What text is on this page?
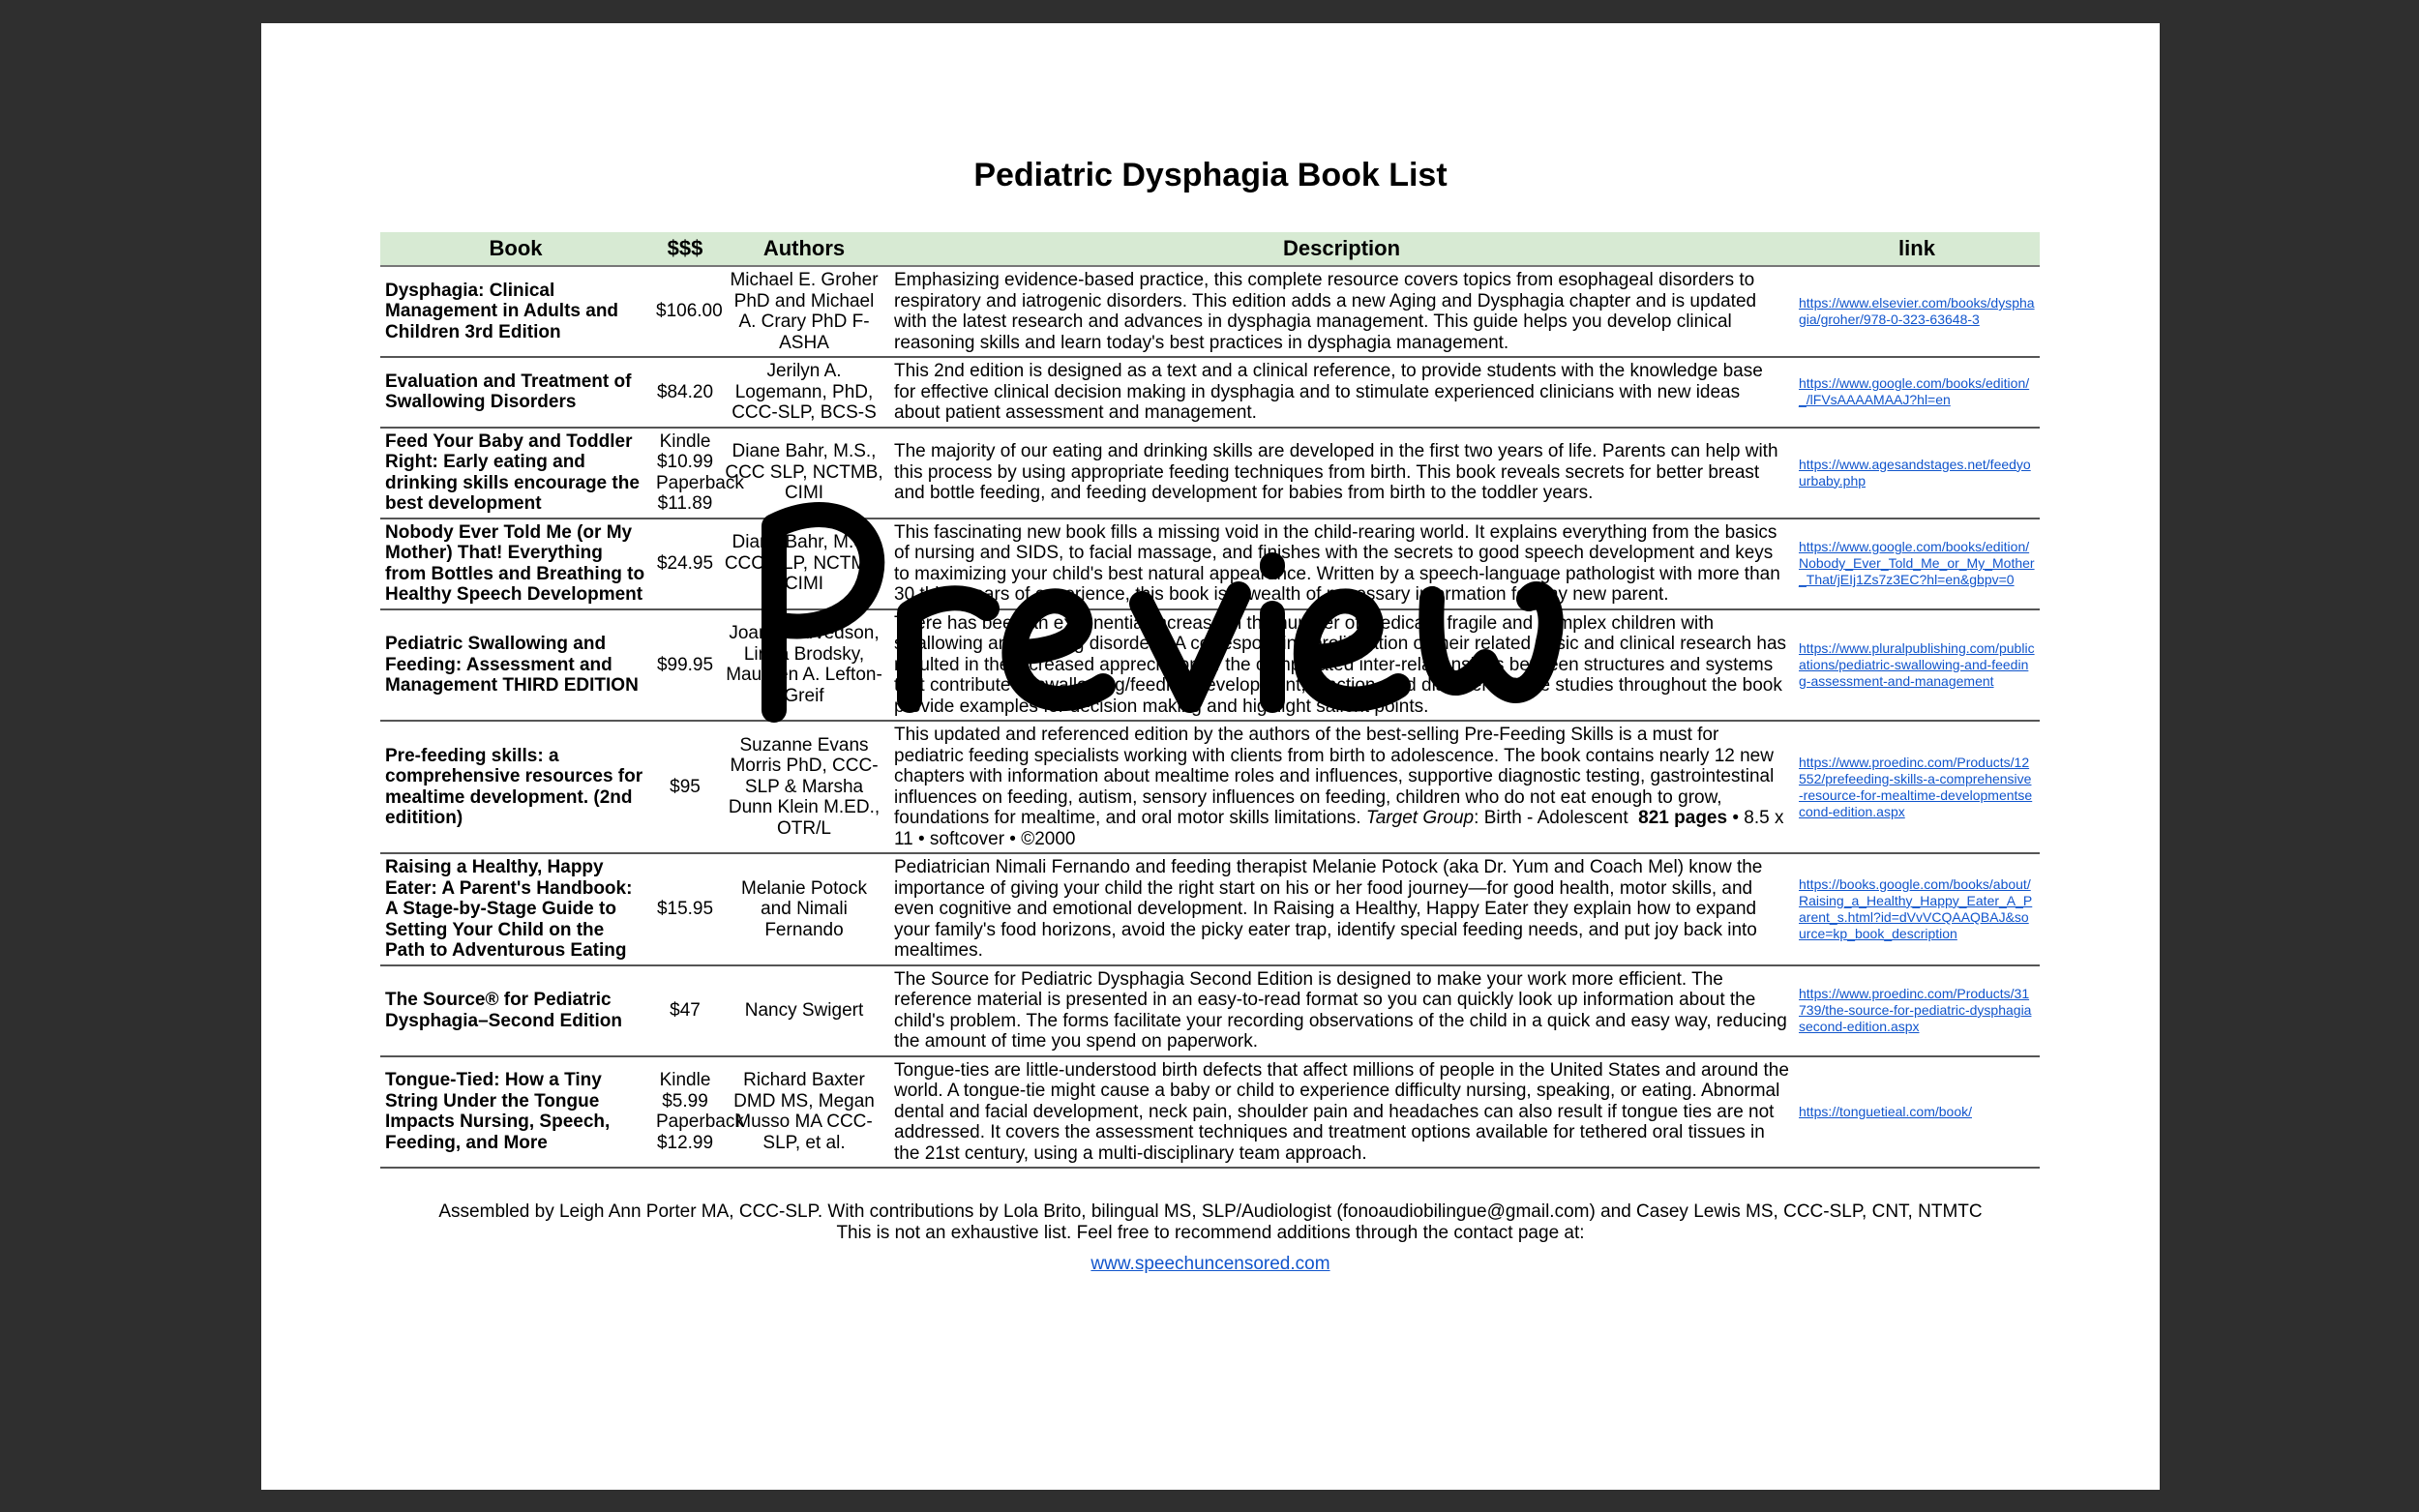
Pediatric Dysphagia Book List
Book	$$$	Authors	Description	link
Dysphagia: Clinical Management in Adults and Children 3rd Edition	$106.00	Michael E. Groher PhD and Michael A. Crary PhD F-ASHA	Emphasizing evidence-based practice, this complete resource covers topics from esophageal disorders to respiratory and iatrogenic disorders. This edition adds a new Aging and Dysphagia chapter and is updated with the latest research and advances in dysphagia management. This guide helps you develop clinical reasoning skills and learn today's best practices in dysphagia management.	https://www.elsevier.com/books/dysphagia/groher/978-0-323-63648-3
Evaluation and Treatment of Swallowing Disorders	$84.20	Jerilyn A. Logemann, PhD, CCC-SLP, BCS-S	This 2nd edition is designed as a text and a clinical reference, to provide students with the knowledge base for effective clinical decision making in dysphagia and to stimulate experienced clinicians with new ideas about patient assessment and management.	https://www.google.com/books/edition/_/lFVsAAAAMAAJ?hl=en
Feed Your Baby and Toddler Right: Early eating and drinking skills encourage the best development	Kindle $10.99 Paperback $11.89	Diane Bahr, M.S., CCC SLP, NCTMB, CIMI	The majority of our eating and drinking skills are developed in the first two years of life. Parents can help with this process by using appropriate feeding techniques from birth. This book reveals secrets for better breast and bottle feeding, and feeding development for babies from birth to the toddler years.	https://www.agesandstages.net/feedyourbaby.php
Nobody Ever Told Me (or My Mother) That! Everything from Bottles and Breathing to Healthy Speech Development	$24.95	Diane Bahr, M.S., CCC-SLP, NCTMB, CIMI	This fascinating new book fills a missing void in the child-rearing world. It explains everything from the basics of nursing and SIDS, to facial massage, and finishes with the secrets to good speech development and keys to maximizing your child's best natural appearance. Written by a speech-language pathologist with more than 30 thirty years of experience, this book is a wealth of necessary information for any new parent.	https://www.google.com/books/edition/Nobody_Ever_Told_Me_or_My_Mother_That/jEIj1Zs7z3EC?hl=en&gbpv=0
Pediatric Swallowing and Feeding: Assessment and Management THIRD EDITION	$99.95	Joan C. Arvedson, Linda Brodsky, Maureen A. Lefton-Greif	There has been an exponential increase in the number of medically fragile and complex children with swallowing and feeding disorders. A corresponding proliferation of their related basic and clinical research has resulted in the increased appreciation of the complicated inter-relationships between structures and systems that contribute to swallowing/feeding development, function, and disorders. Case studies throughout the book provide examples for decision making and highlight salient points.	https://www.pluralpublishing.com/publications/pediatric-swallowing-and-feeding-assessment-and-management
Pre-feeding skills: a comprehensive resources for mealtime development. (2nd editition)	$95	Suzanne Evans Morris PhD, CCC-SLP & Marsha Dunn Klein M.ED., OTR/L	This updated and referenced edition by the authors of the best-selling Pre-Feeding Skills is a must for pediatric feeding specialists working with clients from birth to adolescence. The book contains nearly 12 new chapters with information about mealtime roles and influences, supportive diagnostic testing, gastrointestinal influences on feeding, autism, sensory influences on feeding, children who do not eat enough to grow, foundations for mealtime, and oral motor skills limitations. Target Group: Birth - Adolescent  821 pages • 8.5 x 11 • softcover • ©2000	https://www.proedinc.com/Products/12552/prefeeding-skills-a-comprehensive-resource-for-mealtime-developmentsecond-edition.aspx
Raising a Healthy, Happy Eater: A Parent's Handbook: A Stage-by-Stage Guide to Setting Your Child on the Path to Adventurous Eating	$15.95	Melanie Potock and Nimali Fernando	Pediatrician Nimali Fernando and feeding therapist Melanie Potock (aka Dr. Yum and Coach Mel) know the importance of giving your child the right start on his or her food journey—for good health, motor skills, and even cognitive and emotional development. In Raising a Healthy, Happy Eater they explain how to expand your family's food horizons, avoid the picky eater trap, identify special feeding needs, and put joy back into mealtimes.	https://books.google.com/books/about/Raising_a_Healthy_Happy_Eater_A_Parent_s.html?id=dVvVCQAAQBAJ&source=kp_book_description
The Source® for Pediatric Dysphagia–Second Edition	$47	Nancy Swigert	The Source for Pediatric Dysphagia Second Edition is designed to make your work more efficient. The reference material is presented in an easy-to-read format so you can quickly look up information about the child's problem. The forms facilitate your recording observations of the child in a quick and easy way, reducing the amount of time you spend on paperwork.	https://www.proedinc.com/Products/31739/the-source-for-pediatric-dysphagiasecond-edition.aspx
Tongue-Tied: How a Tiny String Under the Tongue Impacts Nursing, Speech, Feeding, and More	Kindle $5.99 Paperback $12.99	Richard Baxter DMD MS, Megan Musso MA CCC-SLP, et al.	Tongue-ties are little-understood birth defects that affect millions of people in the United States and around the world. A tongue-tie might cause a baby or child to experience difficulty nursing, speaking, or eating. Abnormal dental and facial development, neck pain, shoulder pain and headaches can also result if tongue ties are not addressed. It covers the assessment techniques and treatment options available for tethered oral tissues in the 21st century, using a multi-disciplinary team approach.	https://tonguetieal.com/book/
Assembled by Leigh Ann Porter MA, CCC-SLP. With contributions by Lola Brito, bilingual MS, SLP/Audiologist (fonoaudiobilingue@gmail.com) and Casey Lewis MS, CCC-SLP, CNT, NTMTC
This is not an exhaustive list. Feel free to recommend additions through the contact page at:
www.speechuncensored.com
